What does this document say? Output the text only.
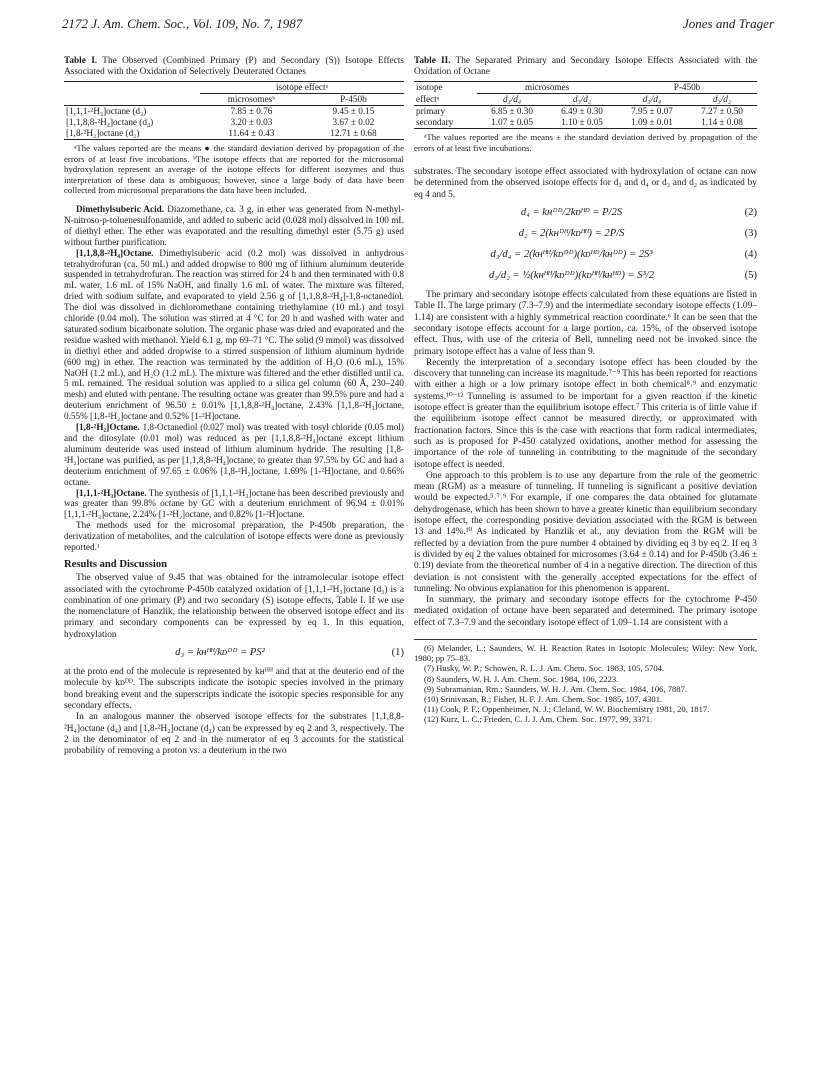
2172 J. Am. Chem. Soc., Vol. 109, No. 7, 1987	Jones and Trager
Table I. The Observed (Combined Primary (P) and Secondary (S)) Isotope Effects Associated with the Oxidation of Selectively Deuterated Octanes
	isotope effectᵃ	
	microsomesᵇ	P-450b
[1,1,1-²H₃]octane (d₃)	7.85 ± 0.76	9.45 ± 0.15
[1,1,8,8-²H₄]octane (d₄)	3.20 ± 0.03	3.67 ± 0.02
[1,8-²H₂]octane (d₂)	11.64 ± 0.43	12.71 ± 0.68

ᵃThe values reported are the means ● the standard deviation derived by propagation of the errors of at least five incubations. ᵇThe isotope effects that are reported for the microsomal hydroxylation represent an average of the isotope effects for different isozymes and thus interpretation of these data is ambiguous; however, since a large body of data have been collected from microsomal preparations the data have been included.

Dimethylsuberic Acid. Diazomethane, ca. 3 g, in ether was generated from N-methyl-N-nitroso-p-toluenesulfonamide, and added to suberic acid (0.028 mol) dissolved in 100 mL of diethyl ether. The ether was evaporated and the resulting dimethyl ester (5.75 g) used without further purification.

[1,1,8,8-²H₄]Octane. Dimethylsuberic acid (0.2 mol) was dissolved in anhydrous tetrahydrofuran (ca. 50 mL) and added dropwise to 800 mg of lithium aluminum deuteride suspended in tetrahydrofuran. The reaction was stirred for 24 h and then terminated with 0.8 mL water, 1.6 mL of 15% NaOH, and finally 1.6 mL of water. The mixture was filtered, dried with sodium sulfate, and evaporated to yield 2.56 g of [1,1,8,8-²H₄]-1,8-octanediol. The diol was dissolved in dichloromethane containing triethylamine (10 mL) and tosyl chloride (0.04 mol). The solution was stirred at 4 °C for 20 h and washed with water and saturated sodium bicarbonate solution. The organic phase was dried and evaporated and the residue washed with methanol. Yield 6.1 g, mp 69–71 °C. The solid (9 mmol) was dissolved in diethyl ether and added dropwise to a stirred suspension of lithium aluminum hydride (600 mg) in ether. The reaction was terminated by the addition of H₂O (0.6 mL), 15% NaOH (1.2 mL), and H₂O (1.2 mL). The mixture was filtered and the ether distilled until ca. 5 mL remained. The residual solution was applied to a silica gel column (60 Å, 230–240 mesh) and eluted with pentane. The resulting octane was greater than 99.5% pure and had a deuterium enrichment of 96.50 ± 0.01% [1,1,8,8-²H₄]octane, 2.43% [1,1,8-²H₃]octane, 0.55% [1,8-²H₂]octane and 0.52% [1-²H]octane.

[1,8-²H₂]Octane. 1,8-Octanediol (0.027 mol) was treated with tosyl chloride (0.05 mol) and the ditosylate (0.01 mol) was reduced as per [1,1,8,8-²H₄]octane except lithium aluminum deuteride was used instead of lithium aluminum hydride. The resulting [1,8-²H₂]octane was purified, as per [1,1,8,8-²H₄]octane, to greater than 97.5% by GC and had a deuterium enrichment of 97.65 ± 0.06% [1,8-²H₂]octane, 1.69% [1-²H]octane, and 0.66% octane.

[1,1,1-²H₃]Octane. The synthesis of [1,1,1-²H₃]octane has been described previously and was greater than 99.8% octane by GC with a deuterium enrichment of 96.94 ± 0.01% [1,1,1-²H₃]octane, 2.24% [1-²H₂]octane, and 0.82% [1-²H]octane.

The methods used for the microsomal preparation, the P-450b preparation, the derivatization of metabolites, and the calculation of isotope effects were done as previously reported.¹

Results and Discussion

The observed value of 9.45 that was obtained for the intramolecular isotope effect associated with the cytochrome P-450b catalyzed oxidation of [1,1,1-²H₃]octane (d₃) is a combination of one primary (P) and two secondary (S) isotope effects, Table I. If we use the nomenclature of Hanzlik, the relationship between the observed isotope effect and its primary and secondary components can be expressed by eq 1. In this equation, hydroxylation

d₃ = kʜᴴᴴ/kᴅᴰᴰ = PS²	(1)

at the proto end of the molecule is represented by kʜᴴᴴ and that at the deuterio end of the molecule by kᴅᴰᴰ. The subscripts indicate the isotopic species involved in the primary bond breaking event and the superscripts indicate the isotopic species responsible for any secondary effects.

In an analogous manner the observed isotope effects for the substrates [1,1,8,8-²H₄]octane (d₄) and [1,8-²H₂]octane (d₂) can be expressed by eq 2 and 3, respectively. The 2 in the denominator of eq 2 and in the numerator of eq 3 accounts for the statistical probability of removing a proton vs. a deuterium in the two

Table II. The Separated Primary and Secondary Isotope Effects Associated with the Oxidation of Octane
isotope	microsomes		P-450b	
effectᵃ	d₃/d₄	d₃/d₂	d₃/d₄	d₃/d₂
primary	6.85 ± 0.30	6.49 ± 0.30	7.95 ± 0.07	7.27 ± 0.50
secondary	1.07 ± 0.05	1.10 ± 0.05	1.09 ± 0.01	1.14 ± 0.08

ᵃThe values reported are the means ± the standard deviation derived by propagation of the errors of at least five incubations.

substrates. The secondary isotope effect associated with hydroxylation of octane can now be determined from the observed isotope effects for d₃ and d₄ or d₃ and d₂ as indicated by eq 4 and 5.

d₄ = kʜᴰᴰ/2kᴅᴴᴰ = P/2S	(2)
d₂ = 2(kʜᴰᴴ/kᴅᴴᴴ) = 2P/S	(3)
d₃/d₄ = 2(kʜᴴᴴ/kᴅᴰᴰ)(kᴅᴴᴰ/kʜᴰᴰ) = 2S³	(4)
d₃/d₂ = ½(kʜᴴᴴ/kᴅᴰᴰ)(kᴅᴴᴴ/kʜᴴᴰ) = S³/2	(5)

The primary and secondary isotope effects calculated from these equations are listed in Table II. The large primary (7.3–7.9) and the intermediate secondary isotope effects (1.09–1.14) are consistent with a highly symmetrical reaction coordinate.⁶ It can be seen that the secondary isotope effects account for a large portion, ca. 15%, of the observed isotope effect. Thus, with use of the criteria of Bell, tunneling need not be invoked since the primary isotope effect has a value of less than 9.

Recently the interpretation of a secondary isotope effect has been clouded by the discovery that tunneling can increase its magnitude.⁷⁻⁹ This has been reported for reactions with either a high or a low primary isotope effect in both chemical⁸˒⁹ and enzymatic systems.¹⁰⁻¹² Tunneling is assumed to be important for a given reaction if the kinetic isotope effect is greater than the equilibrium isotope effect.⁷ This criteria is of little value if the equilibrium isotope effect cannot be measured directly, or approximated with fractionation factors. Since this is the case with reactions that form radical intermediates, such as is proposed for P-450 catalyzed oxidations, another method for assessing the importance of the role of tunneling in contributing to the magnitude of the secondary isotope effect is needed.

One approach to this problem is to use any departure from the rule of the geometric mean (RGM) as a measure of tunneling. If tunneling is significant a positive deviation would be expected.⁵˒⁷˒⁹ For example, if one compares the data obtained for glutamate dehydrogenase, which has been shown to have a greater kinetic than equilibrium secondary isotope effect, the corresponding positive deviation associated with the RGM is between 13 and 14%.¹⁰ As indicated by Hanzlik et al., any deviation from the RGM will be reflected by a deviation from the pure number 4 obtained by dividing eq 3 by eq 2. If eq 3 is divided by eq 2 the values obtained for microsomes (3.64 ± 0.14) and for P-450b (3.46 ± 0.19) deviate from the theoretical number of 4 in a negative direction. The direction of this deviation is not consistent with the generally accepted expectations for the effect of tunneling. No obvious explanation for this phenomenon is apparent.

In summary, the primary and secondary isotope effects for the cytochrome P-450 mediated oxidation of octane have been separated and determined. The primary isotope effect of 7.3–7.9 and the secondary isotope effect of 1.09–1.14 are consistent with a

(6) Melander, L.; Saunders, W. H. Reaction Rates in Isotopic Molecules; Wiley: New York, 1980; pp 75–83.
(7) Husky, W. P.; Schowen, R. L. J. Am. Chem. Soc. 1983, 105, 5704.
(8) Saunders, W. H. J. Am. Chem. Soc. 1984, 106, 2223.
(9) Subramanian, Rm.; Saunders, W. H. J. Am. Chem. Soc. 1984, 106, 7887.
(10) Srinivasan, R.; Fisher, H. F. J. Am. Chem. Soc. 1985, 107, 4301.
(11) Cook, P. F.; Oppenheimer, N. J.; Cleland, W. W. Biochemistry 1981, 20, 1817.
(12) Kurz, L. C.; Frieden, C. J. J. Am. Chem. Soc. 1977, 99, 3371.
